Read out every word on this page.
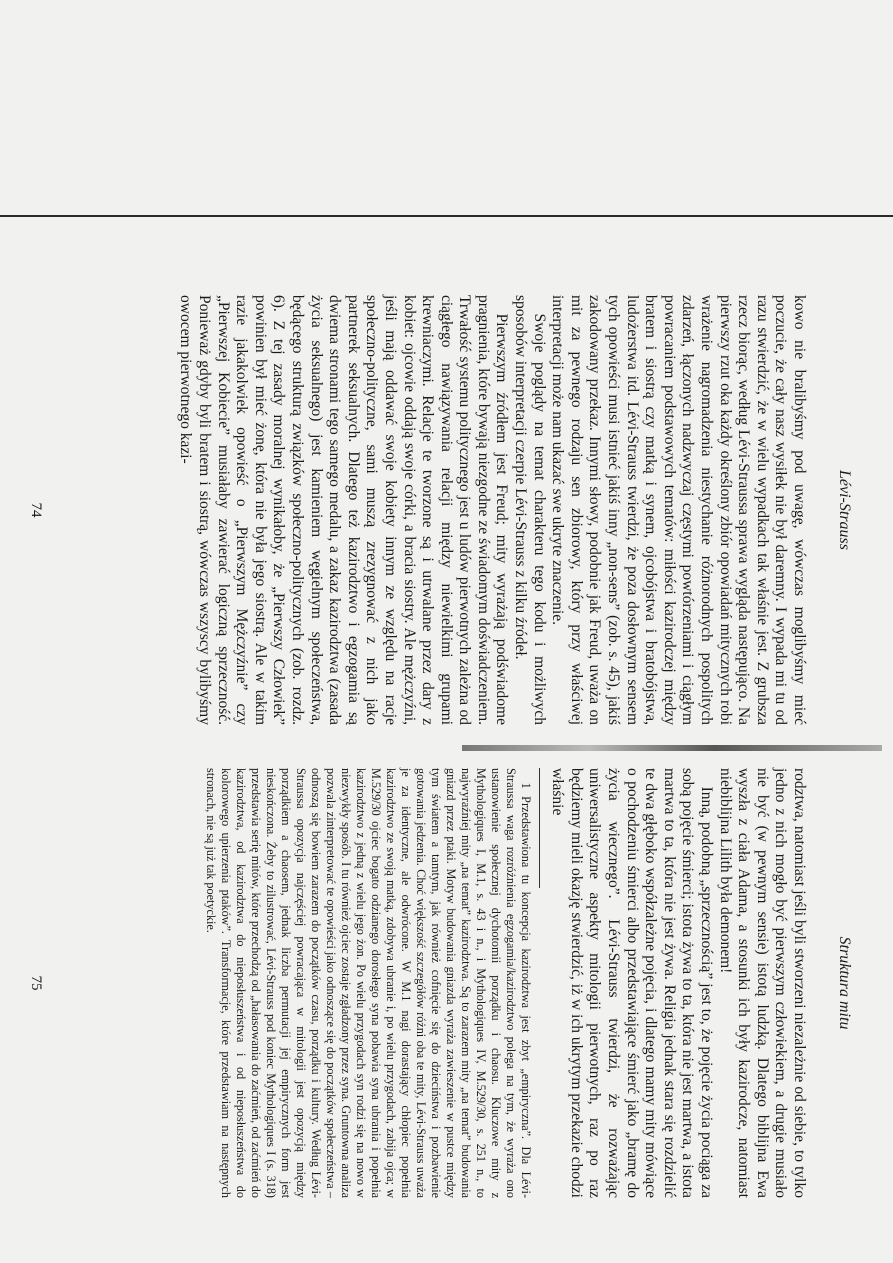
Lévi-Strauss

kowo nie bralibyśmy pod uwagę, wówczas moglibyśmy mieć poczucie, że cały nasz wysiłek nie był daremny. I wypada mi tu od razu stwierdzić, że w wielu wypadkach tak właśnie jest. Z grubsza rzecz biorąc, według Lévi-Straussa sprawa wygląda następująco. Na pierwszy rzut oka każdy określony zbiór opowiadań mitycznych robi wrażenie nagromadzenia niestychanie różnorodnych pospolitych zdarzeń, łączonych nadzwyczaj częstymi powtórzeniami i ciągłym powracaniem podstawowych tematów: miłości kazirodczej między bratem i siostrą czy matką i synem, ojcobójstwa i bratobójstwa, ludożerstwa itd. Lévi-Strauss twierdzi, że poza dosłownym sensem tych opowieści musi istnieć jakiś inny „non-sens” (zob. s. 45), jakiś zakodowany przekaz. Innymi słowy, podobnie jak Freud, uważa on mit za pewnego rodzaju sen zbiorowy, który przy właściwej interpretacji może nam ukazać swe ukryte znaczenie.

Swoje poglądy na temat charakteru tego kodu i możliwych sposobów interpretacji czerpie Lévi-Strauss z kilku źródeł.

Pierwszym źródłem jest Freud; mity wyrażają podświadome pragnienia, które bywają niezgodne ze świadomym doświadczeniem. Trwałość systemu politycznego jest u ludów pierwotnych zależna od ciągłego nawiązywania relacji między niewielkimi grupami krewniaczymi. Relacje te tworzone są i utrwalane przez dary z kobiet: ojcowie oddają swoje córki, a bracia siostry. Ale mężczyźni, jeśli mają oddawać swoje kobiety innym ze względu na racje społeczno-polityczne, sami muszą zrezygnować z nich jako partnerek seksualnych. Dlatego też kazirodztwo i egzogamia są dwiema stronami tego samego medalu, a zakaz kazirodztwa (zasada życia seksualnego) jest kamieniem węgielnym społeczeństwa, będącego strukturą związków społeczno-politycznych (zob. rozdz. 6). Z tej zasady moralnej wynikałoby, że „Pierwszy Człowiek” powinien był mieć żonę, która nie była jego siostrą. Ale w takim razie jakakolwiek opowieść o „Pierwszym Mężczyźnie” czy „Pierwszej Kobiecie” musiałaby zawierać logiczną sprzeczność. Ponieważ gdyby byli bratem i siostrą, wówczas wszyscy bylibyśmy owocem pierwotnego kazi-

74
Struktura mitu

rodztwa, natomiast jeśli byli stworzeni niezależnie od siebie, to tylko jedno z nich mogło być pierwszym człowiekiem, a drugie musiało nie być (w pewnym sensie) istotą ludzką. Dlatego biblijna Ewa wyszła z ciała Adama, a stosunki ich były kazirodcze, natomiast niebiblijna Lilith była demonem!

Inną, podobną „sprzecznością” jest to, że pojęcie życia pociąga za sobą pojęcie śmierci; istota żywa to ta, która nie jest martwa, a istota martwa to ta, która nie jest żywa. Religia jednak stara się rozdzielić te dwa głęboko współzależne pojęcia, i dlatego mamy mity mówiące o pochodzeniu śmierci albo przedstawiające śmierć jako „bramę do życia wiecznego”. Lévi-Strauss twierdzi, że rozważając uniwersalistyczne aspekty mitologii pierwotnych, raz po raz będziemy mieli okazję stwierdzić, iż w ich ukrytym przekazie chodzi właśnie

1 Przedstawiona tu koncepcja kazirodztwa jest zbyt „empiryczna”. Dla Lévi-Straussa waga rozróżnienia egzogamia/kazirodztwo polega na tym, że wyraża ono ustanowienie społecznej dychotomii porządku i chaosu. Kluczowe mity z Mythologiques I, M.1, s. 43 i n., i Mythologiques IV, M.529/30, s. 251 n., to najwyraźniej mity „na temat” kazirodztwa. Są to zarazem mity „na temat” budowania gniazd przez ptaki. Motyw budowania gniazda wyraża zawieszenie w pustce między tym światem a tamtym, jak również cofnięcie się do dzieciństwa i pozbawienie gotowania jedzenia. Choć większość szczegółów różni oba te mity, Lévi-Strauss uważa je za identyczne, ale odwrócone. W M.1 nagi dorastający chłopiec popełnia kazirodztwo ze swoją matką, zdobywa ubranie i, po wielu przygodach, zabija ojca; w M.529/30 ojciec bogato odzianego dorosłego syna pobawia syna ubrania i popełnia kazirodztwo z jedną z wielu jego żon. Po wielu przygodach syn rodzi się na nowo w niezwykły sposób. I tu również ojciec zostaje zgładzony przez syna. Gruntowna analiza pozwala zinterpretować te opowieści jako odnoszące się do początków społeczeństwa – odnoszą się bowiem zarazem do początków czasu, porządku i kultury. Według Lévi-Straussa opozycja najczęściej powracająca w mitologii jest opozycją między porządkiem a chaosem, jednak liczba permutacji jej empirycznych form jest nieskończona. Żeby to zilustrować, Lévi-Strauss pod koniec Mythologiques I (s. 318) przedstawia serię mitów, które przechodzą od „hałasowania do zaćmień, od zaćmień do kazirodztwa, od kazirodztwa do nieposłuszeństwa i od nieposłuszeństwa do kolorowego upierzenia ptaków”. Transformacje, które przedstawiam na następnych stronach, nie są już tak poetyckie.

75
